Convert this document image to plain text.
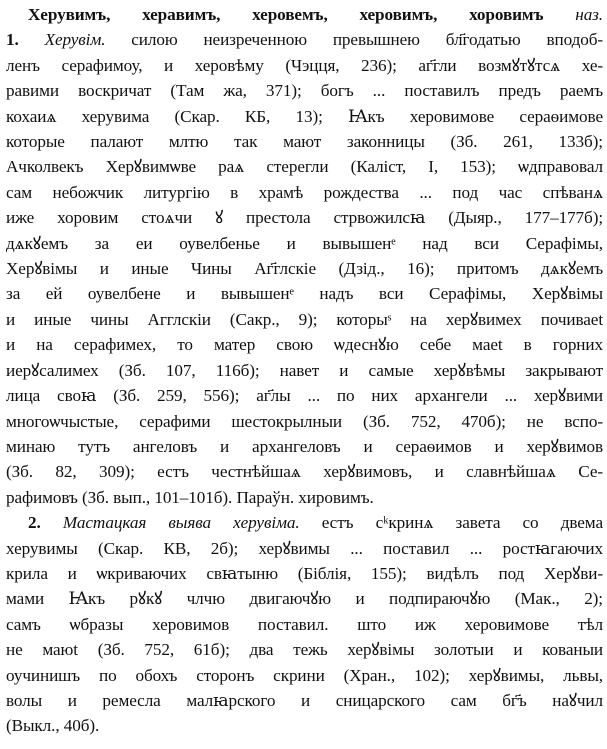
Херувимъ, херавимъ, херовемъ, херовимъ, хоровимъ наз.
1. Херувім. силою неизреченною превышнею бл҃годатью вподоб-
ленъ серафимоу, и херовѣму (Чэцця, 236); аг҃гли возмꙋтꙋтсѧ хе-
равими воскричат (Там жа, 371); богъ ... поставилъ предъ раемъ
кохаиѧ херувима (Скар. КБ, 13); Ꙗкъ херовимове сераѳимове
которые палают млтю так мают законницы (Зб. 261, 133б);
Ачколвекъ Херꙋвимѡве раѧ стерегли (Каліст, І, 153); ѡдправовал
сам небожчик литургію в храмѣ рождества ... под час спѣванѧ
иже хоровим стоѧчи ꙋ престола стрвожилсꙗ (Дыяр., 177–177б);
дѧкꙋемъ за еи оувелбенье и вывышенᵉ над вси Серафімы,
Херꙋвімы и иные Чины Аг҃глскіе (Дзід., 16); притомъ дѧкꙋемъ
за ей оувелбене и вывышенᵉ надъ вси Серафімы, Херꙋвімы
и иные чины Агглскіи (Сакр., 9); которыˢ на херꙋвимех почиваеt
и на серафимех, то матер свою ѡдеснꙋю себе маеt в горних
иерꙋсалимех (Зб. 107, 116б); навет и самые херꙋвѣмы закрывают
лица своꙗ (Зб. 259, 556); аг҃лы ... по них архангели ... херꙋвими
многоѡчыстые, серафими шестокрылныи (Зб. 752, 470б); не вспо-
минаю тутъ ангеловъ и архангеловъ и сераѳимов и херꙋвимов
(Зб. 82, 309); естъ честнѣйшаѧ херꙋвимовъ, и славнѣйшаѧ Се-
рафимовъ (Зб. вып., 101–101б). Параўн. хировимъ.
2. Мастацкая выява херувіма. естъ сᵏкринѧ завета со двема
херувимы (Скар. КВ, 2б); херꙋвимы ... поставил ... ростꙗгаючих
крила и ѡкриваючих свꙗтыню (Біблія, 155); видѣлъ под Херꙋви-
мами Ꙗкъ рꙋкꙋ члчю двигаючꙋю и подпираючꙋю (Мак., 2);
самъ ѡбразы херовимов поставил. што иж херовимове тѣл
не маюt (Зб. 752, 61б); два тежь херꙋвімы золотыи и кованыи
оучинишъ по обохъ сторонъ скрини (Хран., 102); херꙋвимы, львы,
волы и ремесла малꙗрского и сницарского сам бг҃ъ наꙋчил
(Выкл., 40б).
